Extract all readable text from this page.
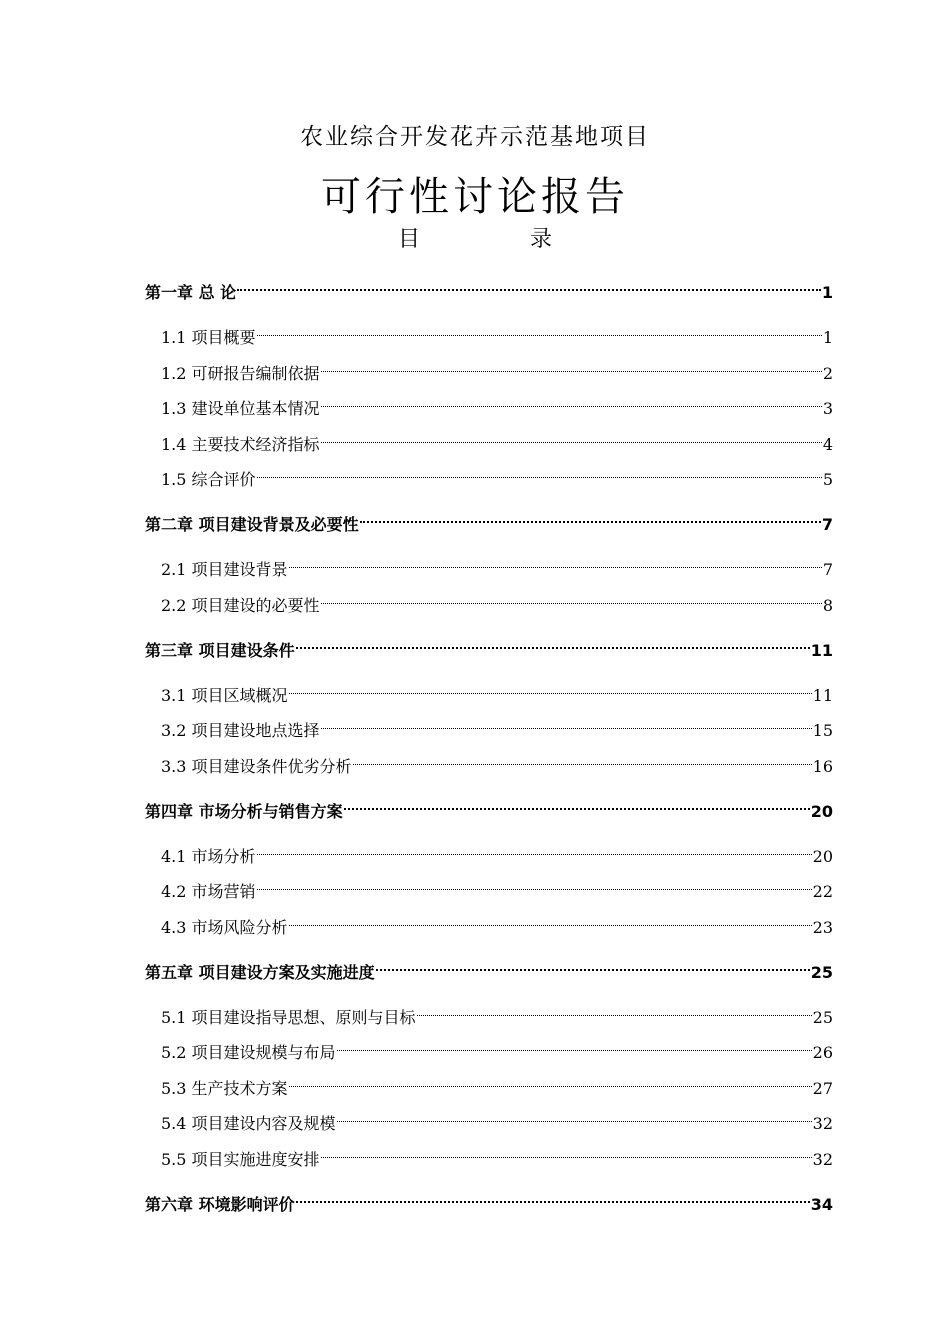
农业综合开发花卉示范基地项目
可行性讨论报告
目　录
第一章 总 论	1
1.1 项目概要	1
1.2 可研报告编制依据	2
1.3 建设单位基本情况	3
1.4 主要技术经济指标	4
1.5 综合评价	5
第二章 项目建设背景及必要性	7
2.1 项目建设背景	7
2.2 项目建设的必要性	8
第三章 项目建设条件	11
3.1 项目区域概况	11
3.2 项目建设地点选择	15
3.3 项目建设条件优劣分析	16
第四章 市场分析与销售方案	20
4.1 市场分析	20
4.2 市场营销	22
4.3 市场风险分析	23
第五章 项目建设方案及实施进度	25
5.1 项目建设指导思想、原则与目标	25
5.2 项目建设规模与布局	26
5.3 生产技术方案	27
5.4 项目建设内容及规模	32
5.5 项目实施进度安排	32
第六章 环境影响评价	34
